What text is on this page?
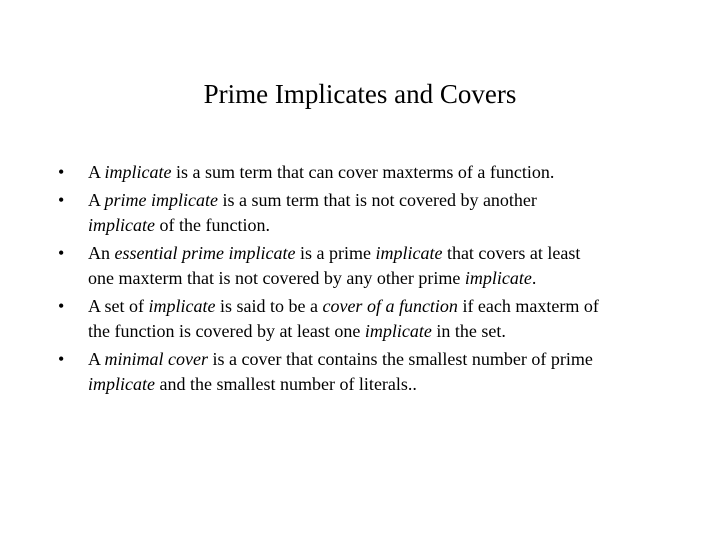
Prime Implicates and Covers
• A implicate is a sum term that can cover maxterms of a function.
• A prime implicate is a sum term that is not covered by another
implicate of the function.
• An essential prime implicate is a prime implicate that covers at least
one maxterm that is not covered by any other prime implicate.
• A set of implicate is said to be a cover of a function if each maxterm of
the function is covered by at least one implicate in the set.
• A minimal cover is a cover that contains the smallest number of prime
implicate and the smallest number of literals..
